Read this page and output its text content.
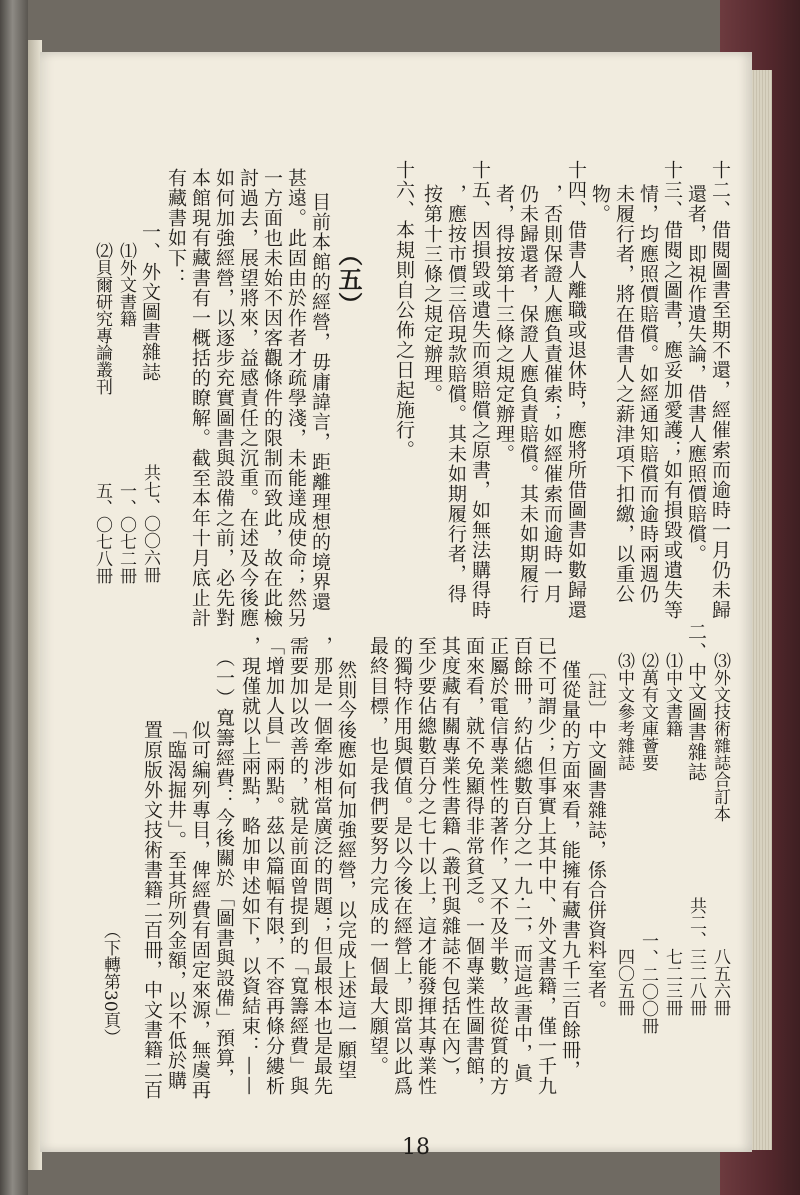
十二、借閱圖書至期不還，經催索而逾時一月仍未歸
還者，即視作遺失論，借書人應照價賠償。
十三、借閱之圖書，應妥加愛護；如有損毀或遺失等
情，均應照價賠償。如經通知賠償而逾時兩週仍
未履行者，將在借書人之薪津項下扣繳，以重公
物。
十四、借書人離職或退休時，應將所借圖書如數歸還
，否則保證人應負責催索；如經催索而逾時一月
仍未歸還者，保證人應負責賠償。其未如期履行
者，得按第十三條之規定辦理。
十五、因損毀或遺失而須賠償之原書，如無法購得時
，應按市價三倍現款賠償。其未如期履行者，得
按第十三條之規定辦理。
十六、本規則自公佈之日起施行。
（五）
目前本館的經營，毋庸諱言，距離理想的境界還
甚遠。此固由於作者才疏學淺，未能達成使命；然另
一方面也未始不因客觀條件的限制而致此，故在此檢
討過去，展望將來，益感責任之沉重。在述及今後應
如何加強經營，以逐步充實圖書與設備之前，必先對
本館現有藏書有一概括的瞭解。截至本年十月底止計
有藏書如下：
一、外文圖書雜誌
⑴外文書籍
⑵貝爾研究專論叢刊
共七、〇〇六冊
一、〇七二冊
五、〇七八冊
⑶外文技術雜誌合訂本
二、中文圖書雜誌
⑴中文書籍
⑵萬有文庫薈要
⑶中文參考雜誌
八五六冊
共二、三二八冊
七二三冊
一、二〇〇冊
四〇五冊
〔註〕中文圖書雜誌，係合併資料室者。
僅從量的方面來看，能擁有藏書九千三百餘冊，
已不可謂少；但事實上其中中、外文書籍，僅一千九
百餘冊，約佔總數百分之一九·二，而這些書中，眞
正屬於電信專業性的著作，又不及半數，故從質的方
面來看，就不免顯得非常貧乏。一個專業性圖書館，
其度藏有關專業性書籍（叢刊與雜誌不包括在內），
至少要佔總數百分之七十以上，這才能發揮其專業性
的獨特作用與價值。是以今後在經營上，即當以此爲
最終目標，也是我們要努力完成的一個最大願望。
然則今後應如何加強經營，以完成上述這一願望
，那是一個牽涉相當廣泛的問題；但最根本也是最先
需要加以改善的，就是前面曾提到的「寬籌經費」與
「增加人員」兩點。茲以篇幅有限，不容再條分縷析
，現僅就以上兩點，略加申述如下，以資結束：——
（一）寬籌經費：今後關於「圖書與設備」預算，
似可編列專目，俾經費有固定來源，無虞再
「臨渴掘井」。至其所列金額，以不低於購
置原版外文技術書籍二百冊，中文書籍二百
（下轉第30頁）
18
